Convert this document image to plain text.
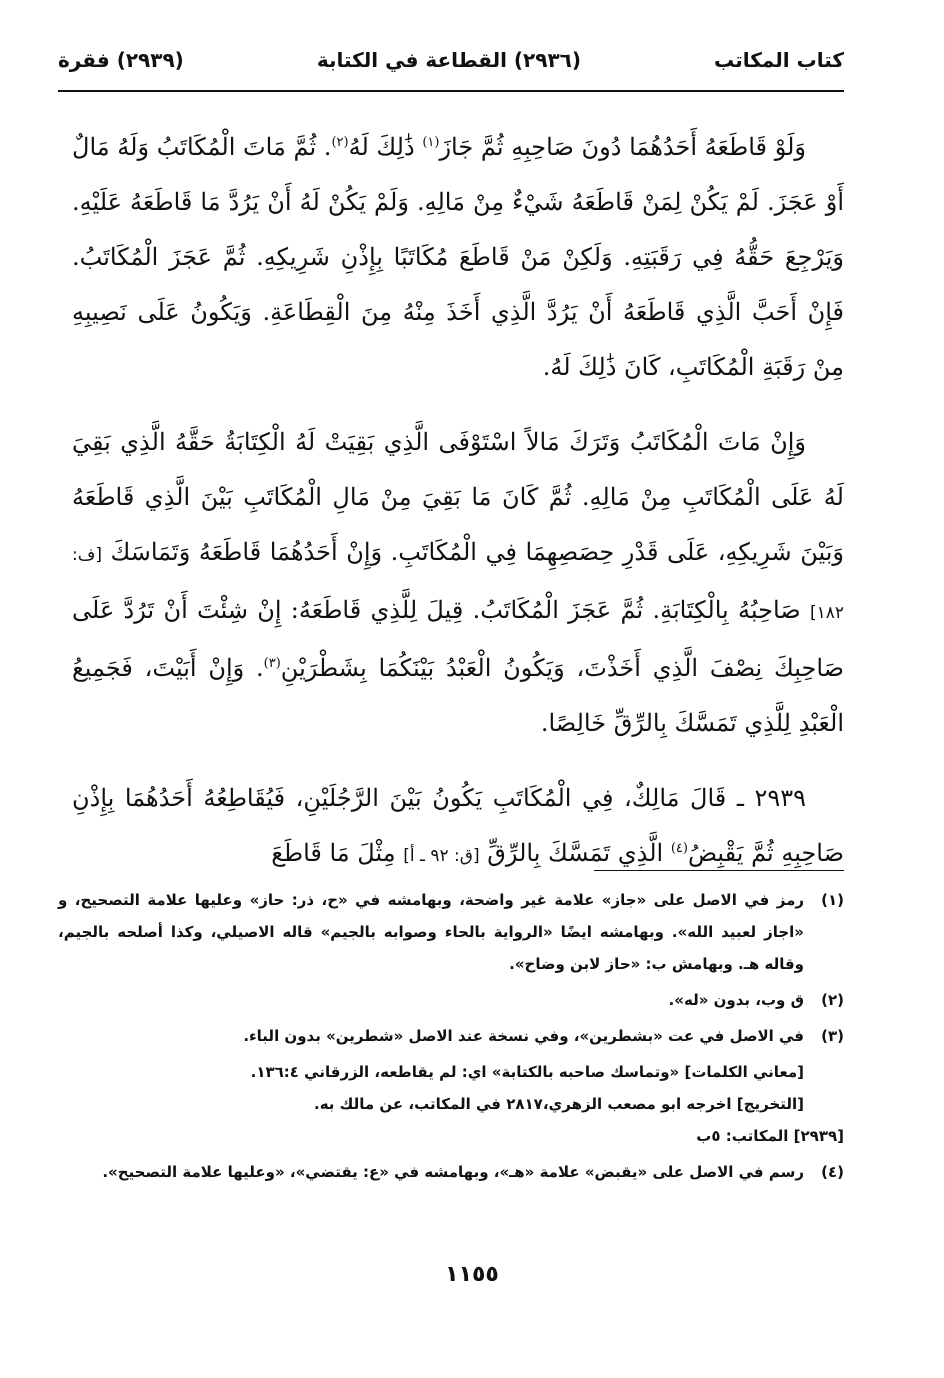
كتاب المكاتب
(٢٩٣٦) القطاعة في الكتابة
(٢٩٣٩) فقرة

وَلَوْ قَاطَعَهُ أَحَدُهُمَا دُونَ صَاحِبِهِ ثُمَّ جَازَ$^{(١)}$ ذَٰلِكَ لَهُ$^{(٢)}$. ثُمَّ مَاتَ الْمُكَاتَبُ وَلَهُ مَالٌ أَوْ عَجَزَ. لَمْ يَكُنْ لِمَنْ قَاطَعَهُ شَيْءٌ مِنْ مَالِهِ. وَلَمْ يَكُنْ لَهُ أَنْ يَرُدَّ مَا قَاطَعَهُ عَلَيْهِ. وَيَرْجِعَ حَقُّهُ فِي رَقَبَتِهِ. وَلَكِنْ مَنْ قَاطَعَ مُكَاتَبًا بِإِذْنِ شَرِيكِهِ. ثُمَّ عَجَزَ الْمُكَاتَبُ. فَإِنْ أَحَبَّ الَّذِي قَاطَعَهُ أَنْ يَرُدَّ الَّذِي أَخَذَ مِنْهُ مِنَ الْقِطَاعَةِ. وَيَكُونُ عَلَى نَصِيبِهِ مِنْ رَقَبَةِ الْمُكَاتَبِ، كَانَ ذَٰلِكَ لَهُ.

وَإِنْ مَاتَ الْمُكَاتَبُ وَتَرَكَ مَالاً اسْتَوْفَى الَّذِي بَقِيَتْ لَهُ الْكِتَابَةُ حَقَّهُ الَّذِي بَقِيَ لَهُ عَلَى الْمُكَاتَبِ مِنْ مَالِهِ. ثُمَّ كَانَ مَا بَقِيَ مِنْ مَالِ الْمُكَاتَبِ بَيْنَ الَّذِي قَاطَعَهُ وَبَيْنَ شَرِيكِهِ، عَلَى قَدْرِ حِصَصِهِمَا فِي الْمُكَاتَبِ. وَإِنْ أَحَدُهُمَا قَاطَعَهُ وَتَمَاسَكَ [ف: ١٨٢] صَاحِبُهُ بِالْكِتَابَةِ. ثُمَّ عَجَزَ الْمُكَاتَبُ. قِيلَ لِلَّذِي قَاطَعَهُ: إِنْ شِئْتَ أَنْ تَرُدَّ عَلَى صَاحِبِكَ نِصْفَ الَّذِي أَخَذْتَ، وَيَكُونُ الْعَبْدُ بَيْنَكُمَا بِشَطْرَيْنِ$^{(٣)}$. وَإِنْ أَبَيْتَ، فَجَمِيعُ الْعَبْدِ لِلَّذِي تَمَسَّكَ بِالرِّقِّ خَالِصًا.

٢٩٣٩ ـ قَالَ مَالِكٌ، فِي الْمُكَاتَبِ يَكُونُ بَيْنَ الرَّجُلَيْنِ، فَيُقَاطِعُهُ أَحَدُهُمَا بِإِذْنِ صَاحِبِهِ ثُمَّ يَقْبِضُ$^{(٤)}$ الَّذِي تَمَسَّكَ بِالرِّقِّ [ق: ٩٢ ـ أ] مِثْلَ مَا قَاطَعَ

(١)
رمز في الاصل على «جاز» علامة غير واضحة، وبهامشه في «ح، ذر: حاز» وعليها علامة التصحيح، و «اجاز لعبيد الله». وبهامشه ايضًا «الرواية بالحاء وصوابه بالجيم» قاله الاصيلي، وكذا أصلحه بالجيم، وقاله هـ. وبهامش ب: «حاز لابن وضاح».
(٢)
ق وب، بدون «له».
(٣)
في الاصل في عت «بشطرين»، وفي نسخة عند الاصل «شطرين» بدون الباء.
[معاني الكلمات] «وتماسك صاحبه بالكتابة» اي: لم يقاطعه، الزرقاني ١٣٦:٤.
[التخريج] اخرجه ابو مصعب الزهري،٢٨١٧ في المكاتب، عن مالك به.
[٢٩٣٩] المكاتب: ٥ب
(٤)
رسم في الاصل على «يقبض» علامة «هـ»، وبهامشه في «ع: يقتضي»، «وعليها علامة التصحيح».
١١٥٥
